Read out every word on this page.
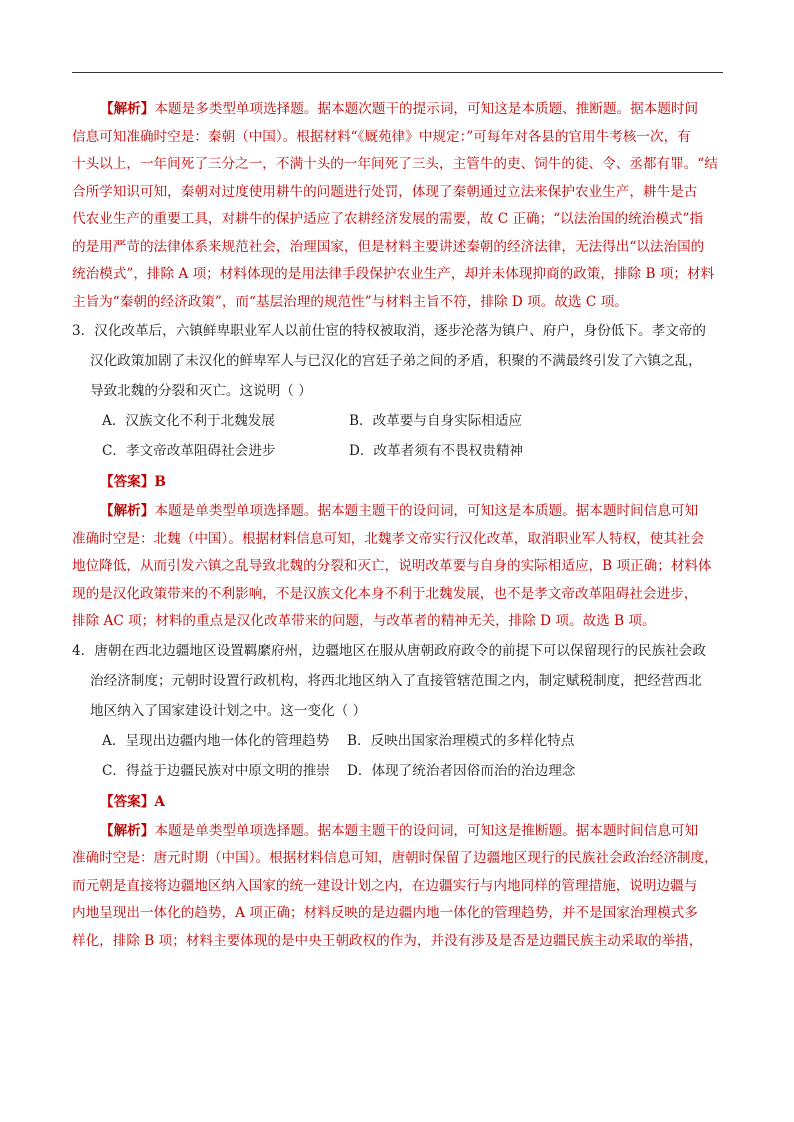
【解析】本题是多类型单项选择题。据本题次题干的提示词，可知这是本质题、推断题。据本题时间
信息可知准确时空是：秦朝（中国）。根据材料“《厩苑律》中规定：”可每年对各县的官用牛考核一次，有
十头以上，一年间死了三分之一，不满十头的一年间死了三头，主管牛的吏、饲牛的徒、令、丞都有罪。“结
合所学知识可知，秦朝对过度使用耕牛的问题进行处罚，体现了秦朝通过立法来保护农业生产，耕牛是古
代农业生产的重要工具，对耕牛的保护适应了农耕经济发展的需要，故 C 正确；“以法治国的统治模式”指
的是用严苛的法律体系来规范社会，治理国家，但是材料主要讲述秦朝的经济法律，无法得出“以法治国的
统治模式”，排除 A 项；材料体现的是用法律手段保护农业生产，却并未体现抑商的政策，排除 B 项；材料
主旨为“秦朝的经济政策”，而“基层治理的规范性”与材料主旨不符，排除 D 项。故选 C 项。
3．汉化改革后，六镇鲜卑职业军人以前仕宦的特权被取消，逐步沦落为镇户、府户，身份低下。孝文帝的
汉化政策加剧了未汉化的鲜卑军人与已汉化的宫廷子弟之间的矛盾，积聚的不满最终引发了六镇之乱，
导致北魏的分裂和灭亡。这说明（ ）
A．汉族文化不利于北魏发展	B．改革要与自身实际相适应
C．孝文帝改革阻碍社会进步	D．改革者须有不畏权贵精神
【答案】B
【解析】本题是单类型单项选择题。据本题主题干的设问词，可知这是本质题。据本题时间信息可知
准确时空是：北魏（中国）。根据材料信息可知，北魏孝文帝实行汉化改革，取消职业军人特权，使其社会
地位降低，从而引发六镇之乱导致北魏的分裂和灭亡，说明改革要与自身的实际相适应，B 项正确；材料体
现的是汉化政策带来的不利影响，不是汉族文化本身不利于北魏发展，也不是孝文帝改革阻碍社会进步，
排除 AC 项；材料的重点是汉化改革带来的问题，与改革者的精神无关，排除 D 项。故选 B 项。
4．唐朝在西北边疆地区设置羁縻府州，边疆地区在服从唐朝政府政令的前提下可以保留现行的民族社会政
治经济制度；元朝时设置行政机构，将西北地区纳入了直接管辖范围之内，制定赋税制度，把经营西北
地区纳入了国家建设计划之中。这一变化（ ）
A．呈现出边疆内地一体化的管理趋势	B．反映出国家治理模式的多样化特点
C．得益于边疆民族对中原文明的推崇	D．体现了统治者因俗而治的治边理念
【答案】A
【解析】本题是单类型单项选择题。据本题主题干的设问词，可知这是推断题。据本题时间信息可知
准确时空是：唐元时期（中国）。根据材料信息可知，唐朝时保留了边疆地区现行的民族社会政治经济制度，
而元朝是直接将边疆地区纳入国家的统一建设计划之内，在边疆实行与内地同样的管理措施，说明边疆与
内地呈现出一体化的趋势，A 项正确；材料反映的是边疆内地一体化的管理趋势，并不是国家治理模式多
样化，排除 B 项；材料主要体现的是中央王朝政权的作为，并没有涉及是否是边疆民族主动采取的举措，
